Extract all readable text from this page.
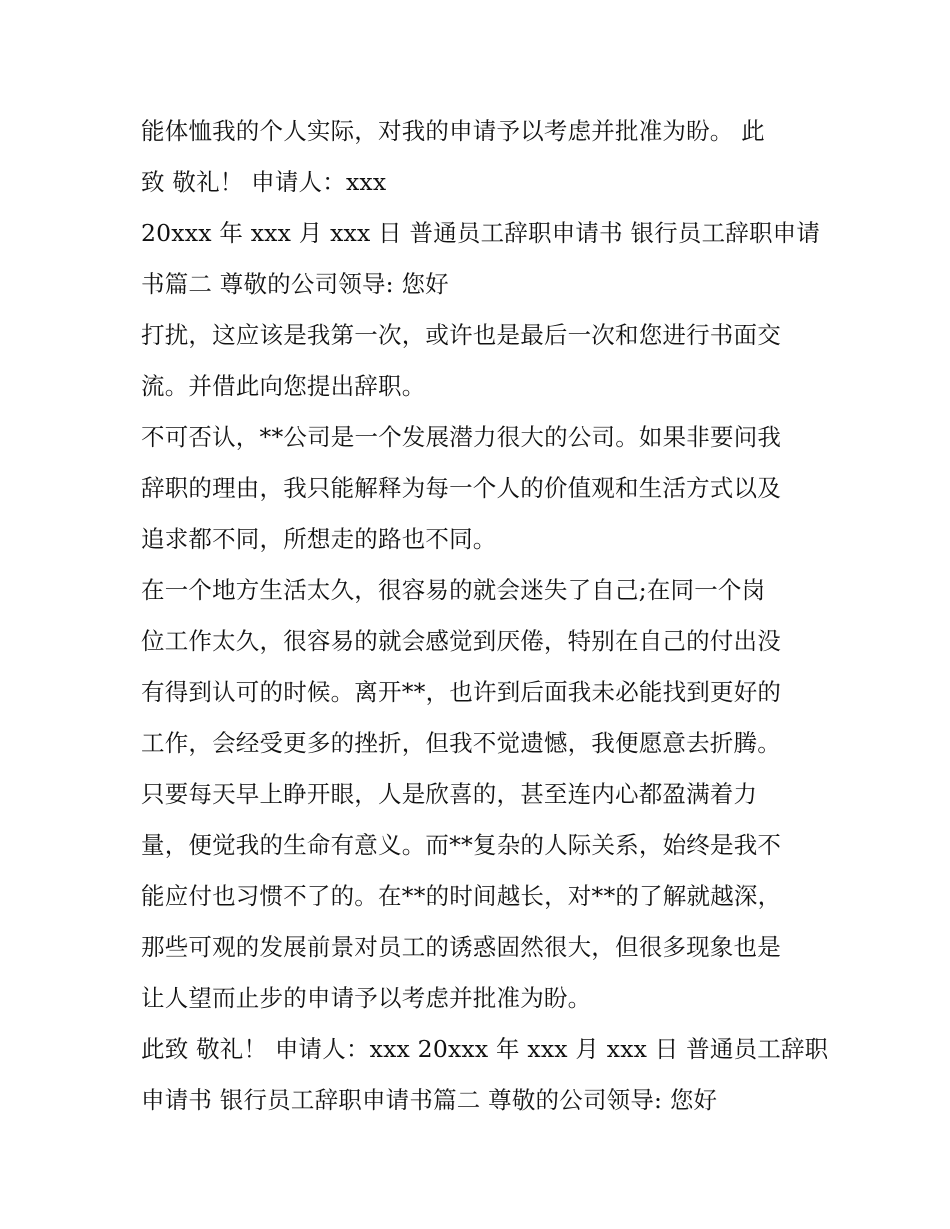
能体恤我的个人实际，对我的申请予以考虑并批准为盼。 此
致 敬礼！ 申请人：xxx
20xxx 年 xxx 月 xxx 日 普通员工辞职申请书 银行员工辞职申请
书篇二 尊敬的公司领导: 您好
打扰，这应该是我第一次，或许也是最后一次和您进行书面交
流。并借此向您提出辞职。
不可否认，**公司是一个发展潜力很大的公司。如果非要问我
辞职的理由，我只能解释为每一个人的价值观和生活方式以及
追求都不同，所想走的路也不同。
在一个地方生活太久，很容易的就会迷失了自己;在同一个岗
位工作太久，很容易的就会感觉到厌倦，特别在自己的付出没
有得到认可的时候。离开**，也许到后面我未必能找到更好的
工作，会经受更多的挫折，但我不觉遗憾，我便愿意去折腾。
只要每天早上睁开眼，人是欣喜的，甚至连内心都盈满着力
量，便觉我的生命有意义。而**复杂的人际关系，始终是我不
能应付也习惯不了的。在**的时间越长，对**的了解就越深，
那些可观的发展前景对员工的诱惑固然很大，但很多现象也是
让人望而止步的申请予以考虑并批准为盼。
此致 敬礼！ 申请人：xxx 20xxx 年 xxx 月 xxx 日 普通员工辞职
申请书 银行员工辞职申请书篇二 尊敬的公司领导: 您好
